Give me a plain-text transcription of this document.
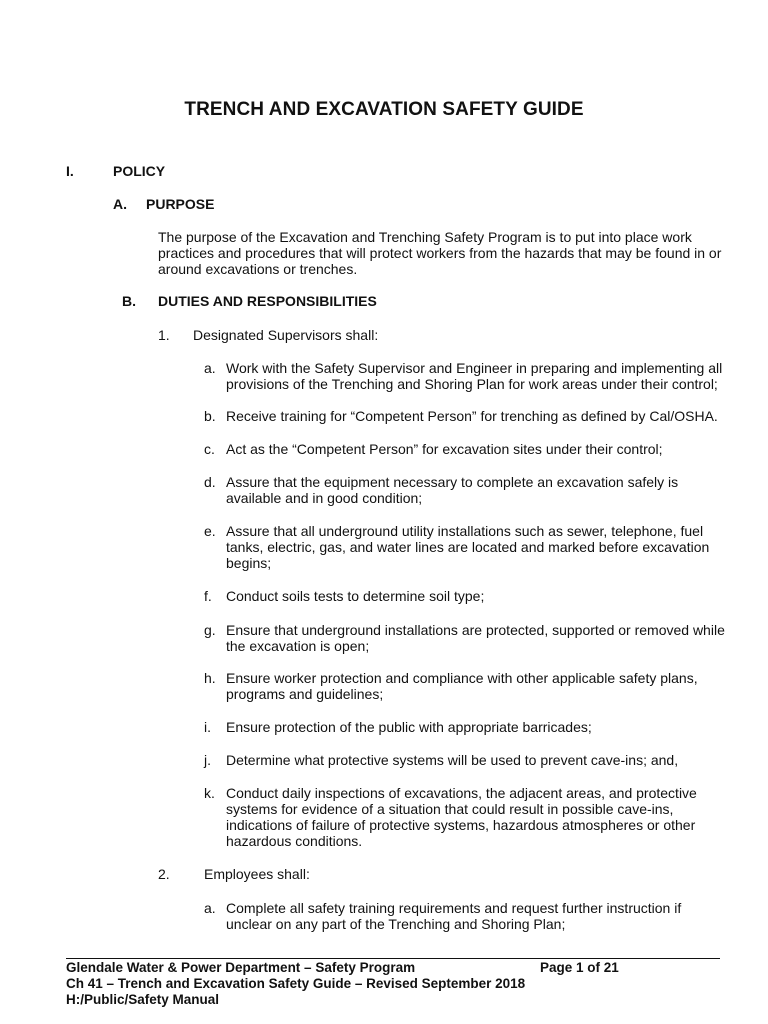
TRENCH AND EXCAVATION SAFETY GUIDE
I.	POLICY
A. PURPOSE
The purpose of the Excavation and Trenching Safety Program is to put into place work practices and procedures that will protect workers from the hazards that may be found in or around excavations or trenches.
B. DUTIES AND RESPONSIBILITIES
1. Designated Supervisors shall:
a. Work with the Safety Supervisor and Engineer in preparing and implementing all provisions of the Trenching and Shoring Plan for work areas under their control;
b. Receive training for “Competent Person” for trenching as defined by Cal/OSHA.
c. Act as the “Competent Person” for excavation sites under their control;
d. Assure that the equipment necessary to complete an excavation safely is available and in good condition;
e. Assure that all underground utility installations such as sewer, telephone, fuel tanks, electric, gas, and water lines are located and marked before excavation begins;
f. Conduct soils tests to determine soil type;
g. Ensure that underground installations are protected, supported or removed while the excavation is open;
h. Ensure worker protection and compliance with other applicable safety plans, programs and guidelines;
i. Ensure protection of the public with appropriate barricades;
j. Determine what protective systems will be used to prevent cave-ins; and,
k. Conduct daily inspections of excavations, the adjacent areas, and protective systems for evidence of a situation that could result in possible cave-ins, indications of failure of protective systems, hazardous atmospheres or other hazardous conditions.
2. Employees shall:
a. Complete all safety training requirements and request further instruction if unclear on any part of the Trenching and Shoring Plan;
Glendale Water & Power Department – Safety Program	Page 1 of 21
Ch 41 – Trench and Excavation Safety Guide – Revised September 2018
H:/Public/Safety Manual
